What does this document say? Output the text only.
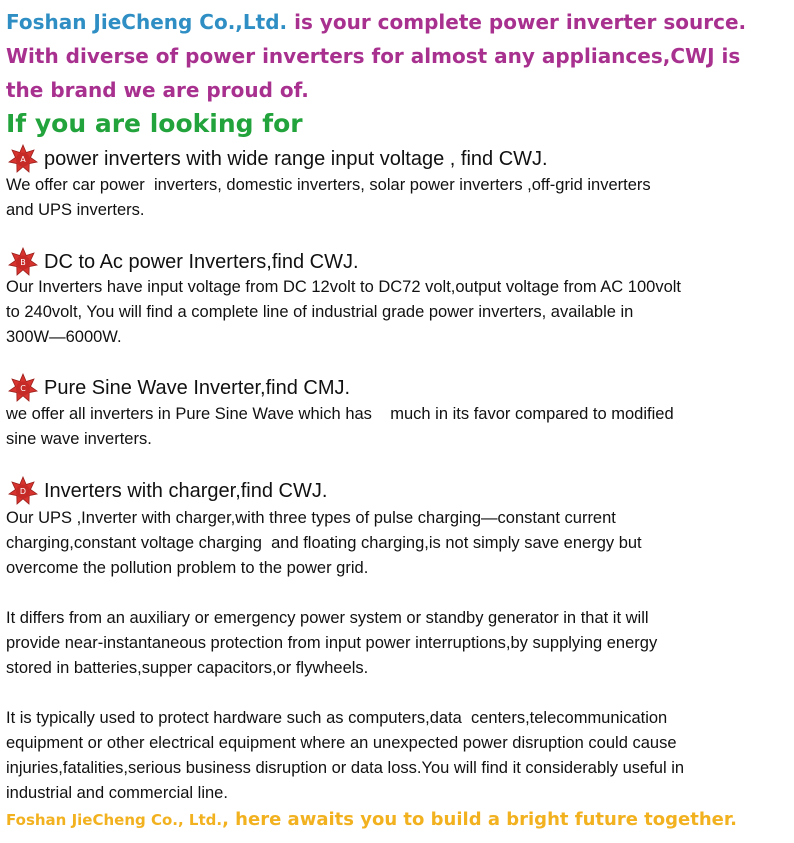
Foshan JieCheng Co.,Ltd. is your complete power inverter source.
With diverse of power inverters for almost any appliances,CWJ is
the brand we are proud of.
If you are looking for
A power inverters with wide range input voltage , find CWJ.

We offer car power  inverters, domestic inverters, solar power inverters ,off-grid inverters
and UPS inverters.

B DC to Ac power Inverters,find CWJ.

Our Inverters have input voltage from DC 12volt to DC72 volt,output voltage from AC 100volt
to 240volt, You will find a complete line of industrial grade power inverters, available in
300W—6000W.

C Pure Sine Wave Inverter,find CMJ.

we offer all inverters in Pure Sine Wave which has    much in its favor compared to modified
sine wave inverters.

D Inverters with charger,find CWJ.

Our UPS ,Inverter with charger,with three types of pulse charging—constant current
charging,constant voltage charging  and floating charging,is not simply save energy but
overcome the pollution problem to the power grid.

It differs from an auxiliary or emergency power system or standby generator in that it will
provide near-instantaneous protection from input power interruptions,by supplying energy
stored in batteries,supper capacitors,or flywheels.

It is typically used to protect hardware such as computers,data  centers,telecommunication
equipment or other electrical equipment where an unexpected power disruption could cause
injuries,fatalities,serious business disruption or data loss.You will find it considerably useful in
industrial and commercial line.

Foshan JieCheng Co., Ltd., here awaits you to build a bright future together.
